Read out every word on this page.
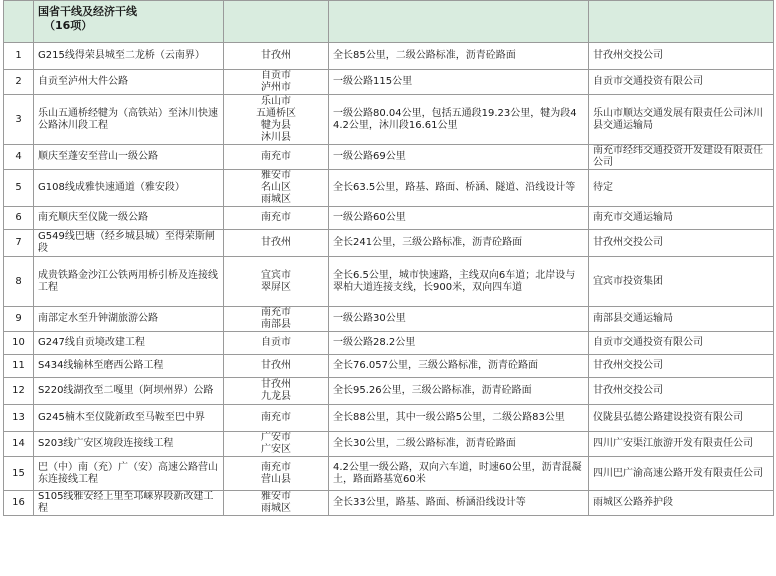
	国省干线及经济干线
（16项）			

1	G215线得荣县城至二龙桥（云南界）	甘孜州	全长85公里，二级公路标准，沥青砼路面	甘孜州交投公司
2	自贡至泸州大件公路	自贡市
泸州市	一级公路115公里	自贡市交通投资有限公司
3	乐山五通桥经犍为（高铁站）至沐川快速公路沐川段工程	乐山市
五通桥区
犍为县
沐川县	一级公路80.04公里，包括五通段19.23公里，犍为段44.2公里，沐川段16.61公里	乐山市顺达交通发展有限责任公司沐川县交通运输局
4	顺庆至蓬安至营山一级公路	南充市	一级公路69公里	南充市经纬交通投资开发建设有限责任公司
5	G108线成雅快速通道（雅安段）	雅安市
名山区
雨城区	全长63.5公里，路基、路面、桥涵、隧道、沿线设计等	待定
6	南充顺庆至仪陇一级公路	南充市	一级公路60公里	南充市交通运输局
7	G549线巴塘（经乡城县城）至得荣斯闸段	甘孜州	全长241公里，三级公路标准，沥青砼路面	甘孜州交投公司
8	成贵铁路金沙江公铁两用桥引桥及连接线工程	宜宾市
翠屏区	全长6.5公里，城市快速路，主线双向6车道；北岸设与翠柏大道连接支线，长900米，双向四车道	宜宾市投资集团
9	南部定水至升钟湖旅游公路	南充市
南部县	一级公路30公里	南部县交通运输局
10	G247线自贡境改建工程	自贡市	一级公路28.2公里	自贡市交通投资有限公司
11	S434线输林至磨西公路工程	甘孜州	全长76.057公里，三级公路标准，沥青砼路面	甘孜州交投公司
12	S220线湖孜至二嘎里（阿坝州界）公路	甘孜州
九龙县	全长95.26公里，三级公路标准，沥青砼路面	甘孜州交投公司
13	G245楠木至仪陇新政至马鞍至巴中界	南充市	全长88公里，其中一级公路5公里，二级公路83公里	仪陇县弘德公路建设投资有限公司
14	S203线广安区境段连接线工程	广安市
广安区	全长30公里，二级公路标准，沥青砼路面	四川广安渠江旅游开发有限责任公司
15	巴（中）南（充）广（安）高速公路营山东连接线工程	南充市
营山县	4.2公里一级公路，双向六车道，时速60公里，沥青混凝土，路面路基宽60米	四川巴广渝高速公路开发有限责任公司
16	S105线雅安经上里至邛崃界段新改建工程	雅安市
雨城区	全长33公里，路基、路面、桥涵沿线设计等	雨城区公路养护段
